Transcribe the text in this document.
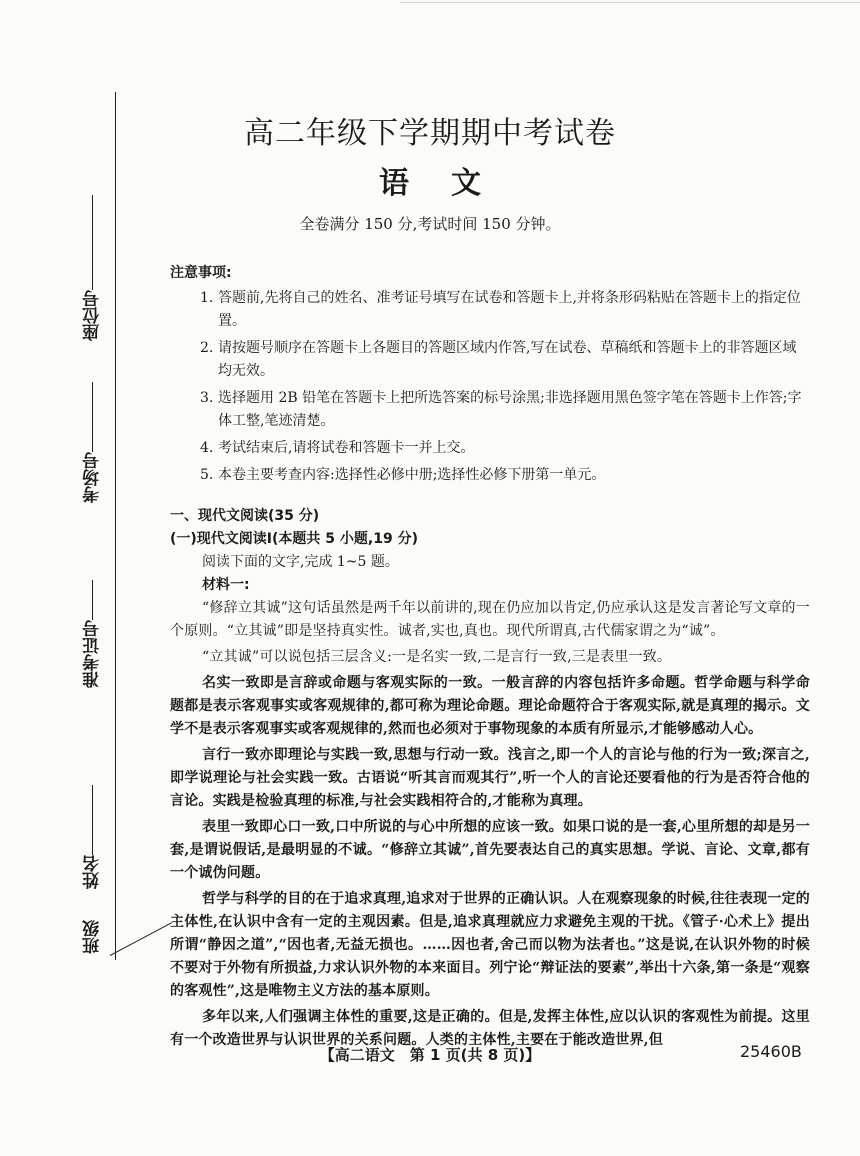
座位号
考场号
准考证号
姓名
班级
高二年级下学期期中考试卷
语文
全卷满分 150 分,考试时间 150 分钟。
注意事项:
1. 答题前,先将自己的姓名、准考证号填写在试卷和答题卡上,并将条形码粘贴在答题卡上的指定位置。
2. 请按题号顺序在答题卡上各题目的答题区域内作答,写在试卷、草稿纸和答题卡上的非答题区域均无效。
3. 选择题用 2B 铅笔在答题卡上把所选答案的标号涂黑;非选择题用黑色签字笔在答题卡上作答;字体工整,笔迹清楚。
4. 考试结束后,请将试卷和答题卡一并上交。
5. 本卷主要考查内容:选择性必修中册;选择性必修下册第一单元。
一、现代文阅读(35 分)
(一)现代文阅读Ⅰ(本题共 5 小题,19 分)
阅读下面的文字,完成 1~5 题。
材料一:

“修辞立其诚”这句话虽然是两千年以前讲的,现在仍应加以肯定,仍应承认这是发言著论写文章的一个原则。“立其诚”即是坚持真实性。诚者,实也,真也。现代所谓真,古代儒家谓之为“诚”。

“立其诚”可以说包括三层含义:一是名实一致,二是言行一致,三是表里一致。

名实一致即是言辞或命题与客观实际的一致。一般言辞的内容包括许多命题。哲学命题与科学命题都是表示客观事实或客观规律的,都可称为理论命题。理论命题符合于客观实际,就是真理的揭示。文学不是表示客观事实或客观规律的,然而也必须对于事物现象的本质有所显示,才能够感动人心。

言行一致亦即理论与实践一致,思想与行动一致。浅言之,即一个人的言论与他的行为一致;深言之,即学说理论与社会实践一致。古语说“听其言而观其行”,听一个人的言论还要看他的行为是否符合他的言论。实践是检验真理的标准,与社会实践相符合的,才能称为真理。

表里一致即心口一致,口中所说的与心中所想的应该一致。如果口说的是一套,心里所想的却是另一套,是谓说假话,是最明显的不诚。“修辞立其诚”,首先要表达自己的真实思想。学说、言论、文章,都有一个诚伪问题。

哲学与科学的目的在于追求真理,追求对于世界的正确认识。人在观察现象的时候,往往表现一定的主体性,在认识中含有一定的主观因素。但是,追求真理就应力求避免主观的干扰。《管子·心术上》提出所谓“静因之道”,“因也者,无益无损也。……因也者,舍己而以物为法者也。”这是说,在认识外物的时候不要对于外物有所损益,力求认识外物的本来面目。列宁论“辩证法的要素”,举出十六条,第一条是“观察的客观性”,这是唯物主义方法的基本原则。

多年以来,人们强调主体性的重要,这是正确的。但是,发挥主体性,应以认识的客观性为前提。这里有一个改造世界与认识世界的关系问题。人类的主体性,主要在于能改造世界,但

【高二语文　第 1 页(共 8 页)】	25460B
